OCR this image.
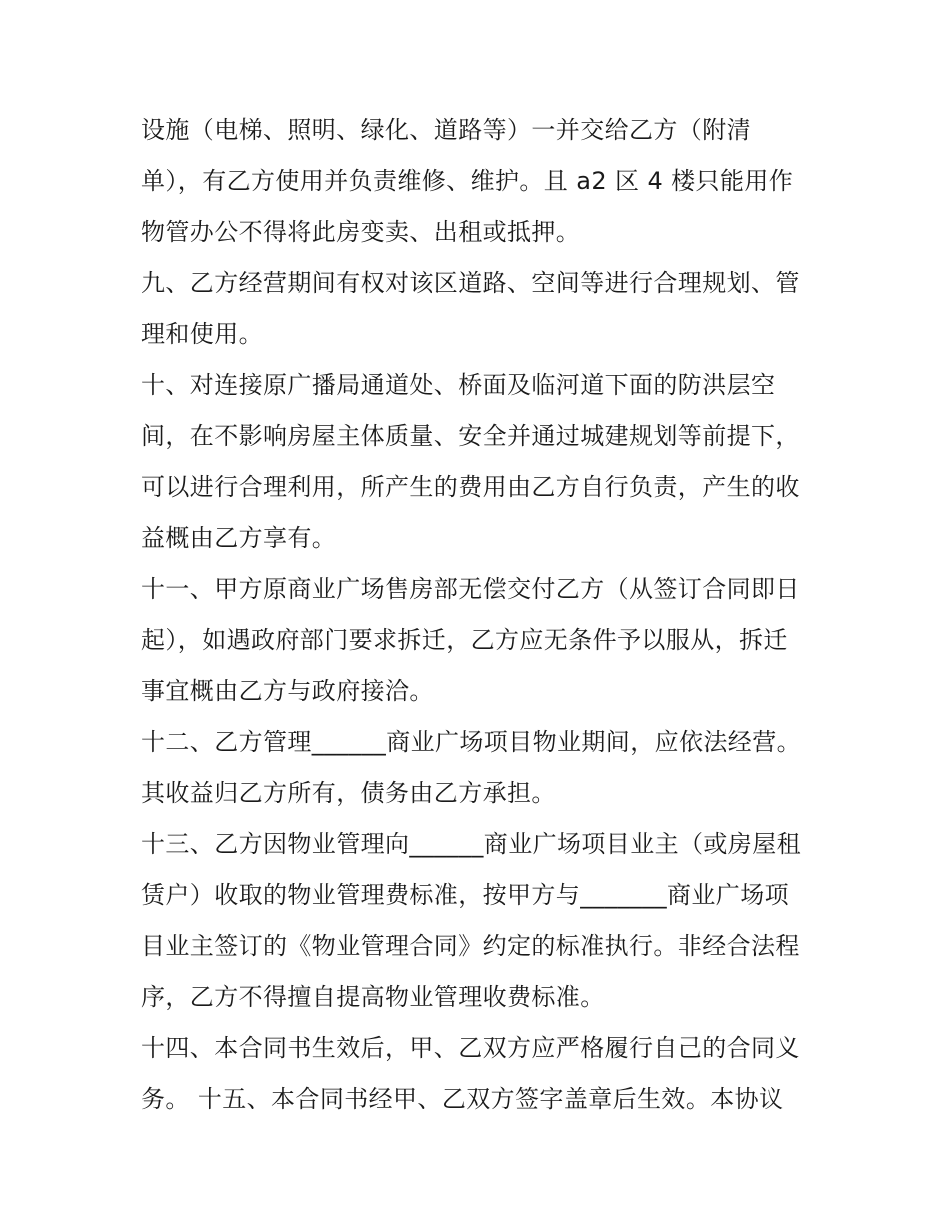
设施（电梯、照明、绿化、道路等）一并交给乙方（附清
单），有乙方使用并负责维修、维护。且 a2 区 4 楼只能用作
物管办公不得将此房变卖、出租或抵押。
九、乙方经营期间有权对该区道路、空间等进行合理规划、管
理和使用。
十、对连接原广播局通道处、桥面及临河道下面的防洪层空
间，在不影响房屋主体质量、安全并通过城建规划等前提下，
可以进行合理利用，所产生的费用由乙方自行负责，产生的收
益概由乙方享有。
十一、甲方原商业广场售房部无偿交付乙方（从签订合同即日
起），如遇政府部门要求拆迁，乙方应无条件予以服从，拆迁
事宜概由乙方与政府接洽。
十二、乙方管理______商业广场项目物业期间，应依法经营。
其收益归乙方所有，债务由乙方承担。
十三、乙方因物业管理向______商业广场项目业主（或房屋租
赁户）收取的物业管理费标准，按甲方与_______商业广场项
目业主签订的《物业管理合同》约定的标准执行。非经合法程
序，乙方不得擅自提高物业管理收费标准。
十四、本合同书生效后，甲、乙双方应严格履行自己的合同义
务。 十五、本合同书经甲、乙双方签字盖章后生效。本协议
